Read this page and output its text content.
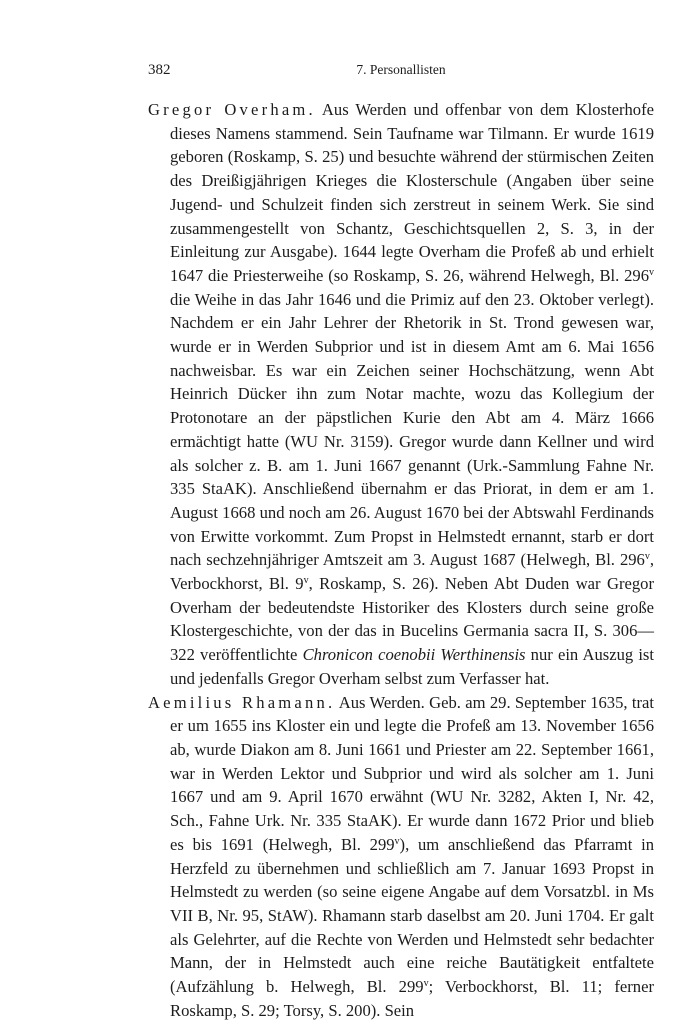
382	7. Personallisten

Gregor Overham. Aus Werden und offenbar von dem Klosterhofe dieses Namens stammend. Sein Taufname war Tilmann. Er wurde 1619 geboren (Roskamp, S. 25) und besuchte während der stürmischen Zeiten des Dreißigjährigen Krieges die Klosterschule (Angaben über seine Jugend- und Schulzeit finden sich zerstreut in seinem Werk. Sie sind zusammengestellt von Schantz, Geschichtsquellen 2, S. 3, in der Einleitung zur Ausgabe). 1644 legte Overham die Profeß ab und erhielt 1647 die Priesterweihe (so Roskamp, S. 26, während Helwegh, Bl. 296$^v$ die Weihe in das Jahr 1646 und die Primiz auf den 23. Oktober verlegt). Nachdem er ein Jahr Lehrer der Rhetorik in St. Trond gewesen war, wurde er in Werden Subprior und ist in diesem Amt am 6. Mai 1656 nachweisbar. Es war ein Zeichen seiner Hochschätzung, wenn Abt Heinrich Dücker ihn zum Notar machte, wozu das Kollegium der Protonotare an der päpstlichen Kurie den Abt am 4. März 1666 ermächtigt hatte (WU Nr. 3159). Gregor wurde dann Kellner und wird als solcher z. B. am 1. Juni 1667 genannt (Urk.-Sammlung Fahne Nr. 335 StaAK). Anschließend übernahm er das Priorat, in dem er am 1. August 1668 und noch am 26. August 1670 bei der Abtswahl Ferdinands von Erwitte vorkommt. Zum Propst in Helmstedt ernannt, starb er dort nach sechzehnjähriger Amtszeit am 3. August 1687 (Helwegh, Bl. 296$^v$, Verbockhorst, Bl. 9$^v$, Roskamp, S. 26). Neben Abt Duden war Gregor Overham der bedeutendste Historiker des Klosters durch seine große Klostergeschichte, von der das in Bucelins Germania sacra II, S. 306—322 veröffentlichte Chronicon coenobii Werthinensis nur ein Auszug ist und jedenfalls Gregor Overham selbst zum Verfasser hat.

Aemilius Rhamann. Aus Werden. Geb. am 29. September 1635, trat er um 1655 ins Kloster ein und legte die Profeß am 13. November 1656 ab, wurde Diakon am 8. Juni 1661 und Priester am 22. September 1661, war in Werden Lektor und Subprior und wird als solcher am 1. Juni 1667 und am 9. April 1670 erwähnt (WU Nr. 3282, Akten I, Nr. 42, Sch., Fahne Urk. Nr. 335 StaAK). Er wurde dann 1672 Prior und blieb es bis 1691 (Helwegh, Bl. 299$^v$), um anschließend das Pfarramt in Herzfeld zu übernehmen und schließlich am 7. Januar 1693 Propst in Helmstedt zu werden (so seine eigene Angabe auf dem Vorsatzbl. in Ms VII B, Nr. 95, StAW). Rhamann starb daselbst am 20. Juni 1704. Er galt als Gelehrter, auf die Rechte von Werden und Helmstedt sehr bedachter Mann, der in Helmstedt auch eine reiche Bautätigkeit entfaltete (Aufzählung b. Helwegh, Bl. 299$^v$; Verbockhorst, Bl. 11; ferner Roskamp, S. 29; Torsy, S. 200). Sein
